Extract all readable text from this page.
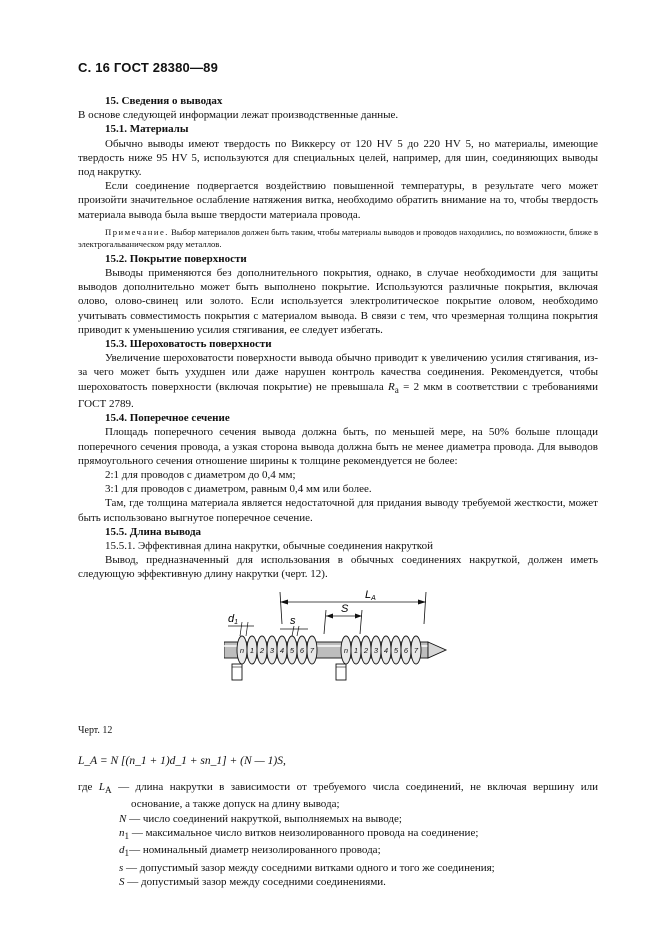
С. 16 ГОСТ 28380—89

15. Сведения о выводах

В основе следующей информации лежат производственные данные.

15.1. Материалы

Обычно выводы имеют твердость по Виккерсу от 120 HV 5 до 220 HV 5, но материалы, имеющие твердость ниже 95 HV 5, используются для специальных целей, например, для шин, соединяющих выводы под накрутку.

Если соединение подвергается воздействию повышенной температуры, в результате чего может произойти значительное ослабление натяжения витка, необходимо обратить внимание на то, чтобы твердость материала вывода была выше твердости материала провода.

Примечание. Выбор материалов должен быть таким, чтобы материалы выводов и проводов находились, по возможности, ближе в электрогальваническом ряду металлов.

15.2. Покрытие поверхности

Выводы применяются без дополнительного покрытия, однако, в случае необходимости для защиты выводов дополнительно может быть выполнено покрытие. Используются различные покрытия, включая олово, олово-свинец или золото. Если используется электролитическое покрытие оловом, необходимо учитывать совместимость покрытия с материалом вывода. В связи с тем, что чрезмерная толщина покрытия приводит к уменьшению усилия стягивания, ее следует избегать.

15.3. Шероховатость поверхности

Увеличение шероховатости поверхности вывода обычно приводит к увеличению усилия стягивания, из-за чего может быть ухудшен или даже нарушен контроль качества соединения. Рекомендуется, чтобы шероховатость поверхности (включая покрытие) не превышала $R_a = 2$ мкм в соответствии с требованиями ГОСТ 2789.

15.4. Поперечное сечение

Площадь поперечного сечения вывода должна быть, по меньшей мере, на 50% больше площади поперечного сечения провода, а узкая сторона вывода должна быть не менее диаметра провода. Для выводов прямоугольного сечения отношение ширины к толщине рекомендуется не более:

2:1 для проводов с диаметром до 0,4 мм;

3:1 для проводов с диаметром, равным 0,4 мм или более.

Там, где толщина материала является недостаточной для придания выводу требуемой жесткости, может быть использовано выгнутое поперечное сечение.

15.5. Длина вывода

15.5.1. Эффективная длина накрутки, обычные соединения накруткой

Вывод, предназначенный для использования в обычных соединениях накруткой, должен иметь следующую эффективную длину накрутки (черт. 12).

LA
S
d1	s
n 1 2 3 4 5 6 7	n 1 2 3 4 5 6 7

Черт. 12

L_A = N [(n_1 + 1)d_1 + sn_1] + (N — 1)S,

где $L_A$ — длина накрутки в зависимости от требуемого числа соединений, не включая вершину или основание, а также допуск на длину вывода;

N — число соединений накруткой, выполняемых на выводе;

$n_1$ — максимальное число витков неизолированного провода на соединение;

$d_1—$ номинальный диаметр неизолированного провода;

s — допустимый зазор между соседними витками одного и того же соединения;

S — допустимый зазор между соседними соединениями.
